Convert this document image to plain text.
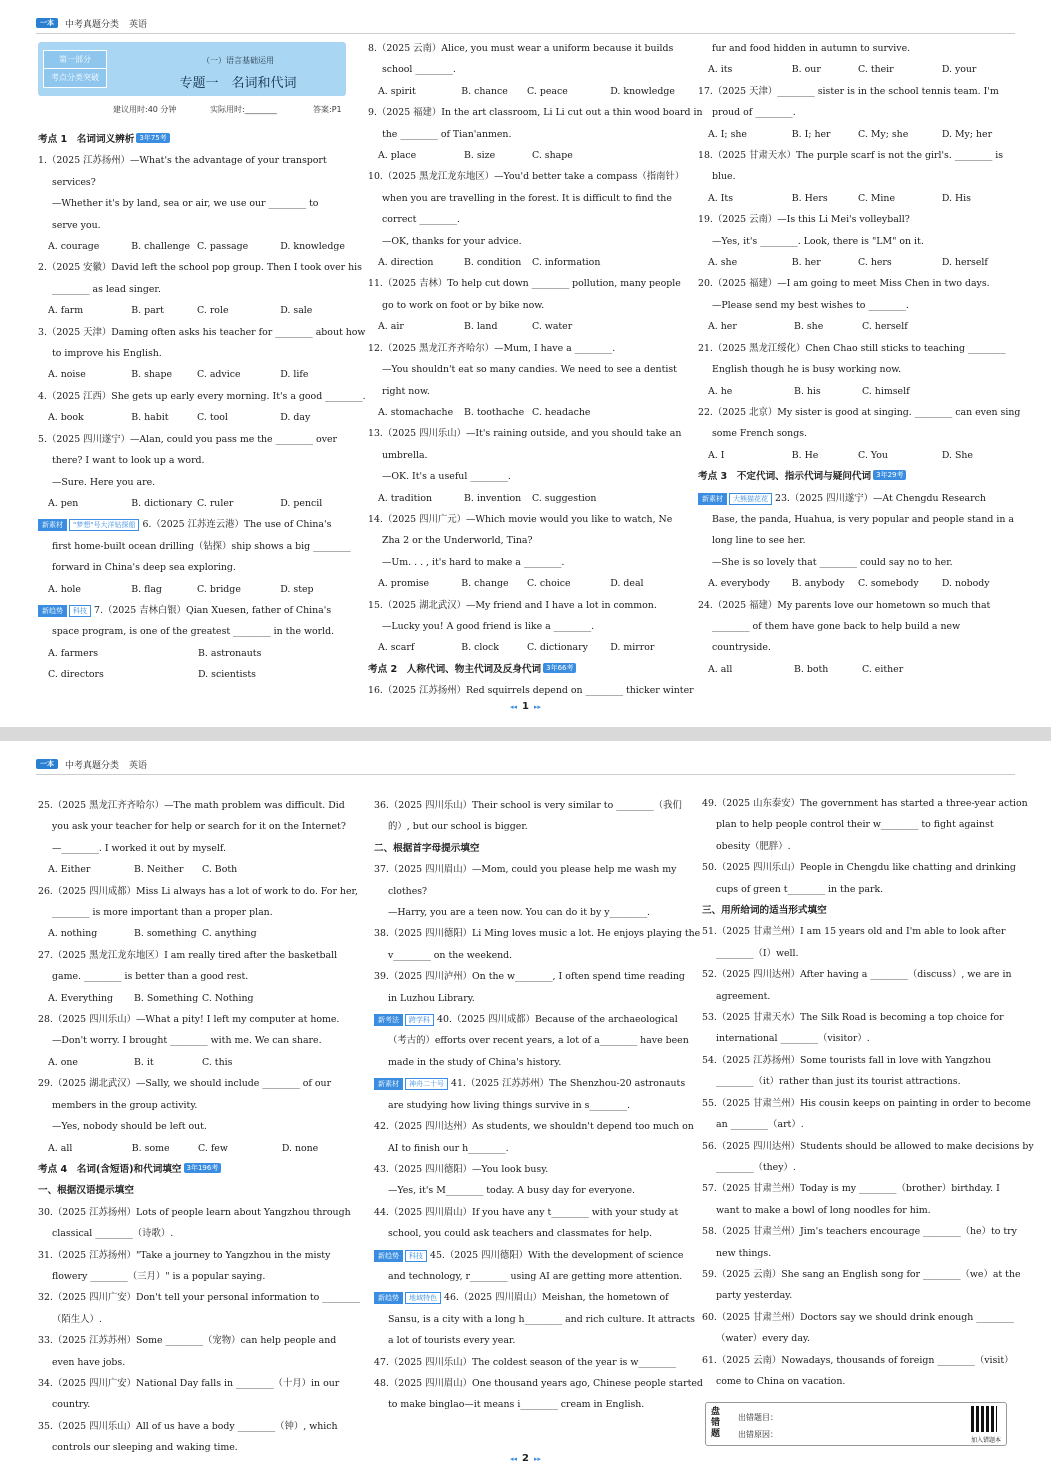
一本	中考真题分类 英语
第一部分
考点分类突破
（一）语言基础运用
专题一　名词和代词
建议用时:40 分钟	实际用时:________	答案:P1

考点 1　名词词义辨析 3年75考

1.（2025 江苏扬州）—What's the advantage of your transport

services?

—Whether it's by land, sea or air, we use our ________ to

serve you.

A. courage	B. challenge C. passage	D. knowledge

2.（2025 安徽）David left the school pop group. Then I took over his

________ as lead singer.

A. farm	B. part	C. role	D. sale

3.（2025 天津）Daming often asks his teacher for ________ about how

to improve his English.

A. noise	B. shape	C. advice	D. life

4.（2025 江西）She gets up early every morning. It's a good ________.

A. book	B. habit	C. tool	D. day

5.（2025 四川遂宁）—Alan, could you pass me the ________ over

there? I want to look up a word.

—Sure. Here you are.

A. pen	B. dictionary C. ruler	D. pencil

新素材 "梦想"号大洋钻探船 6.（2025 江苏连云港）The use of China's

first home-built ocean drilling（钻探）ship shows a big ________

forward in China's deep sea exploring.

A. hole	B. flag	C. bridge	D. step

新趋势 科技 7.（2025 吉林白银）Qian Xuesen, father of China's

space program, is one of the greatest ________ in the world.

A. farmers	B. astronauts
C. directors	D. scientists

8.（2025 云南）Alice, you must wear a uniform because it builds

school ________.

A. spirit	B. chance	C. peace	D. knowledge

9.（2025 福建）In the art classroom, Li Li cut out a thin wood board in

the ________ of Tian'anmen.

A. place	B. size	C. shape

10.（2025 黑龙江龙东地区）—You'd better take a compass（指南针）

when you are travelling in the forest. It is difficult to find the

correct ________.

—OK, thanks for your advice.

A. direction	B. condition	C. information

11.（2025 吉林）To help cut down ________ pollution, many people

go to work on foot or by bike now.

A. air	B. land	C. water

12.（2025 黑龙江齐齐哈尔）—Mum, I have a ________.

—You shouldn't eat so many candies. We need to see a dentist

right now.

A. stomachache	B. toothache C. headache

13.（2025 四川乐山）—It's raining outside, and you should take an

umbrella.

—OK. It's a useful ________.

A. tradition	B. invention	C. suggestion

14.（2025 四川广元）—Which movie would you like to watch, Ne

Zha 2 or the Underworld, Tina?

—Um. . . , it's hard to make a ________.

A. promise	B. change	C. choice	D. deal

15.（2025 湖北武汉）—My friend and I have a lot in common.

—Lucky you! A good friend is like a ________.

A. scarf	B. clock	C. dictionary	D. mirror

考点 2　人称代词、物主代词及反身代词 3年66考

16.（2025 江苏扬州）Red squirrels depend on ________ thicker winter

fur and food hidden in autumn to survive.

A. its	B. our	C. their	D. your

17.（2025 天津）________ sister is in the school tennis team. I'm

proud of ________.

A. I; she	B. I; her	C. My; she	D. My; her

18.（2025 甘肃天水）The purple scarf is not the girl's. ________ is

blue.

A. Its	B. Hers	C. Mine	D. His

19.（2025 云南）—Is this Li Mei's volleyball?

—Yes, it's ________. Look, there is "LM" on it.

A. she	B. her	C. hers	D. herself

20.（2025 福建）—I am going to meet Miss Chen in two days.

—Please send my best wishes to ________.

A. her	B. she	C. herself

21.（2025 黑龙江绥化）Chen Chao still sticks to teaching ________

English though he is busy working now.

A. he	B. his	C. himself

22.（2025 北京）My sister is good at singing. ________ can even sing

some French songs.

A. I	B. He	C. You	D. She

考点 3　不定代词、指示代词与疑问代词 3年29考

新素材 大熊猫花花 23.（2025 四川遂宁）—At Chengdu Research

Base, the panda, Huahua, is very popular and people stand in a

long line to see her.

—She is so lovely that ________ could say no to her.

A. everybody	B. anybody	C. somebody	D. nobody

24.（2025 福建）My parents love our hometown so much that

________ of them have gone back to help build a new

countryside.

A. all	B. both	C. either
◂◂ 1 ▸▸
一本	中考真题分类 英语

25.（2025 黑龙江齐齐哈尔）—The math problem was difficult. Did

you ask your teacher for help or search for it on the Internet?

—________. I worked it out by myself.

A. Either	B. Neither	C. Both

26.（2025 四川成都）Miss Li always has a lot of work to do. For her,

________ is more important than a proper plan.

A. nothing	B. something C. anything

27.（2025 黑龙江龙东地区）I am really tired after the basketball

game. ________ is better than a good rest.

A. Everything	B. Something C. Nothing

28.（2025 四川乐山）—What a pity! I left my computer at home.

—Don't worry. I brought ________ with me. We can share.

A. one	B. it	C. this

29.（2025 湖北武汉）—Sally, we should include ________ of our

members in the group activity.

—Yes, nobody should be left out.

A. all	B. some	C. few	D. none

考点 4　名词(含短语)和代词填空 3年196考

一、根据汉语提示填空

30.（2025 江苏扬州）Lots of people learn about Yangzhou through

classical ________（诗歌）.

31.（2025 江苏扬州）"Take a journey to Yangzhou in the misty

flowery ________（三月）" is a popular saying.

32.（2025 四川广安）Don't tell your personal information to ________

（陌生人）.

33.（2025 江苏苏州）Some ________（宠物）can help people and

even have jobs.

34.（2025 四川广安）National Day falls in ________（十月）in our

country.

35.（2025 四川乐山）All of us have a body ________（钟）, which

controls our sleeping and waking time.

36.（2025 四川乐山）Their school is very similar to ________（我们

的）, but our school is bigger.

二、根据首字母提示填空

37.（2025 四川眉山）—Mom, could you please help me wash my

clothes?

—Harry, you are a teen now. You can do it by y________.

38.（2025 四川德阳）Li Ming loves music a lot. He enjoys playing the

v________ on the weekend.

39.（2025 四川泸州）On the w________, I often spend time reading

in Luzhou Library.

新考法 跨学科 40.（2025 四川成都）Because of the archaeological

（考古的）efforts over recent years, a lot of a________ have been

made in the study of China's history.

新素材 神舟二十号 41.（2025 江苏苏州）The Shenzhou-20 astronauts

are studying how living things survive in s________.

42.（2025 四川达州）As students, we shouldn't depend too much on

AI to finish our h________.

43.（2025 四川德阳）—You look busy.

—Yes, it's M________ today. A busy day for everyone.

44.（2025 四川眉山）If you have any t________ with your study at

school, you could ask teachers and classmates for help.

新趋势 科技 45.（2025 四川德阳）With the development of science

and technology, r________ using AI are getting more attention.

新趋势 地域特色 46.（2025 四川眉山）Meishan, the hometown of

Sansu, is a city with a long h________ and rich culture. It attracts

a lot of tourists every year.

47.（2025 四川乐山）The coldest season of the year is w________

48.（2025 四川眉山）One thousand years ago, Chinese people started

to make binglao—it means i________ cream in English.

49.（2025 山东泰安）The government has started a three-year action

plan to help people control their w________ to fight against

obesity（肥胖）.

50.（2025 四川乐山）People in Chengdu like chatting and drinking

cups of green t________ in the park.

三、用所给词的适当形式填空

51.（2025 甘肃兰州）I am 15 years old and I'm able to look after

________（I）well.

52.（2025 四川达州）After having a ________（discuss）, we are in

agreement.

53.（2025 甘肃天水）The Silk Road is becoming a top choice for

international ________（visitor）.

54.（2025 江苏扬州）Some tourists fall in love with Yangzhou

________（it）rather than just its tourist attractions.

55.（2025 甘肃兰州）His cousin keeps on painting in order to become

an ________（art）.

56.（2025 四川达州）Students should be allowed to make decisions by

________（they）.

57.（2025 甘肃兰州）Today is my ________（brother）birthday. I

want to make a bowl of long noodles for him.

58.（2025 甘肃兰州）Jim's teachers encourage ________（he）to try

new things.

59.（2025 云南）She sang an English song for ________（we）at the

party yesterday.

60.（2025 甘肃兰州）Doctors say we should drink enough ________

（water）every day.

61.（2025 云南）Nowadays, thousands of foreign ________（visit）

come to China on vacation.

◂◂ 2 ▸▸
盘错题
出错题目：
出错原因：
加入错题本
